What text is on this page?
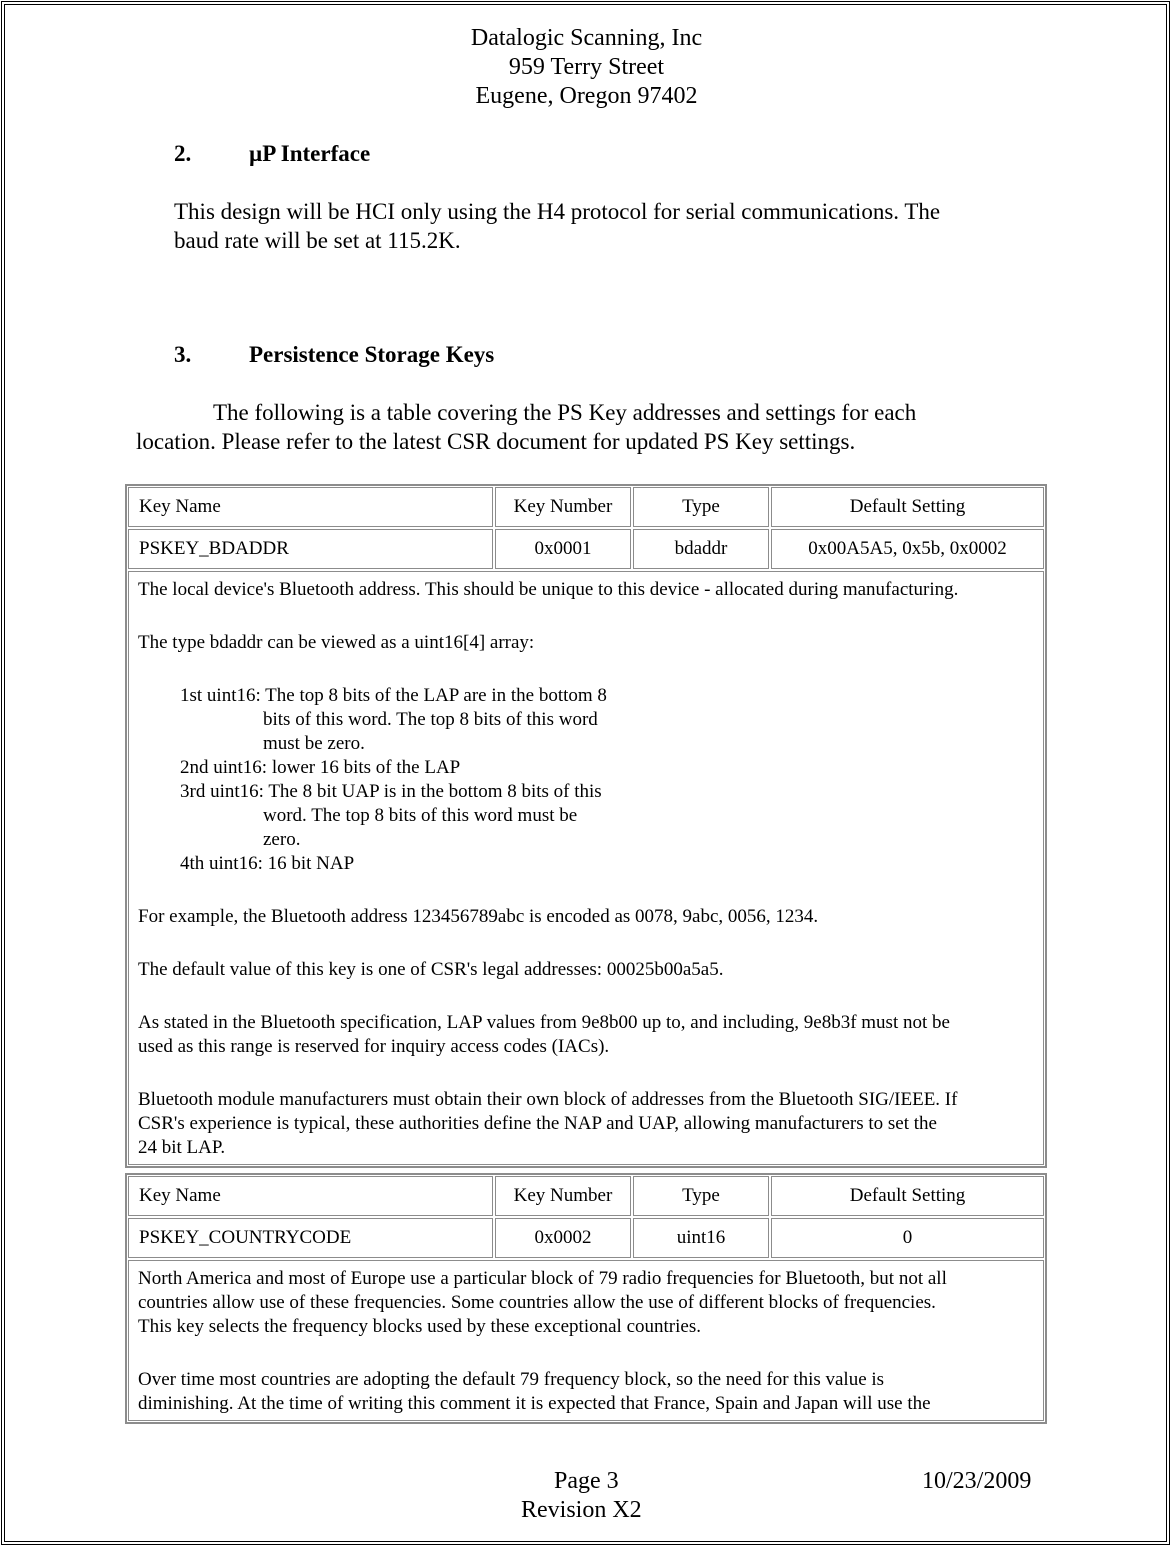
Datalogic Scanning, Inc
959 Terry Street
Eugene, Oregon 97402
2.	µP Interface
This design will be HCI only using the H4 protocol for serial communications. The
baud rate will be set at 115.2K.
3.	Persistence Storage Keys
The following is a table covering the PS Key addresses and settings for each
location. Please refer to the latest CSR document for updated PS Key settings.
Key Name	Key Number	Type	Default Setting
PSKEY_BDADDR	0x0001	bdaddr	0x00A5A5, 0x5b, 0x0002

The local device's Bluetooth address. This should be unique to this device - allocated during manufacturing.

The type bdaddr can be viewed as a uint16[4] array:

1st uint16: The top 8 bits of the LAP are in the bottom 8

bits of this word. The top 8 bits of this word

must be zero.

2nd uint16: lower 16 bits of the LAP

3rd uint16: The 8 bit UAP is in the bottom 8 bits of this

word. The top 8 bits of this word must be

zero.

4th uint16: 16 bit NAP

For example, the Bluetooth address 123456789abc is encoded as 0078, 9abc, 0056, 1234.

The default value of this key is one of CSR's legal addresses: 00025b00a5a5.

As stated in the Bluetooth specification, LAP values from 9e8b00 up to, and including, 9e8b3f must not be

used as this range is reserved for inquiry access codes (IACs).

Bluetooth module manufacturers must obtain their own block of addresses from the Bluetooth SIG/IEEE. If

CSR's experience is typical, these authorities define the NAP and UAP, allowing manufacturers to set the

24 bit LAP.

Key Name	Key Number	Type	Default Setting
PSKEY_COUNTRYCODE	0x0002	uint16	0

North America and most of Europe use a particular block of 79 radio frequencies for Bluetooth, but not all

countries allow use of these frequencies. Some countries allow the use of different blocks of frequencies.

This key selects the frequency blocks used by these exceptional countries.

Over time most countries are adopting the default 79 frequency block, so the need for this value is

diminishing. At the time of writing this comment it is expected that France, Spain and Japan will use the

Page 3	10/23/2009
Revision X2
